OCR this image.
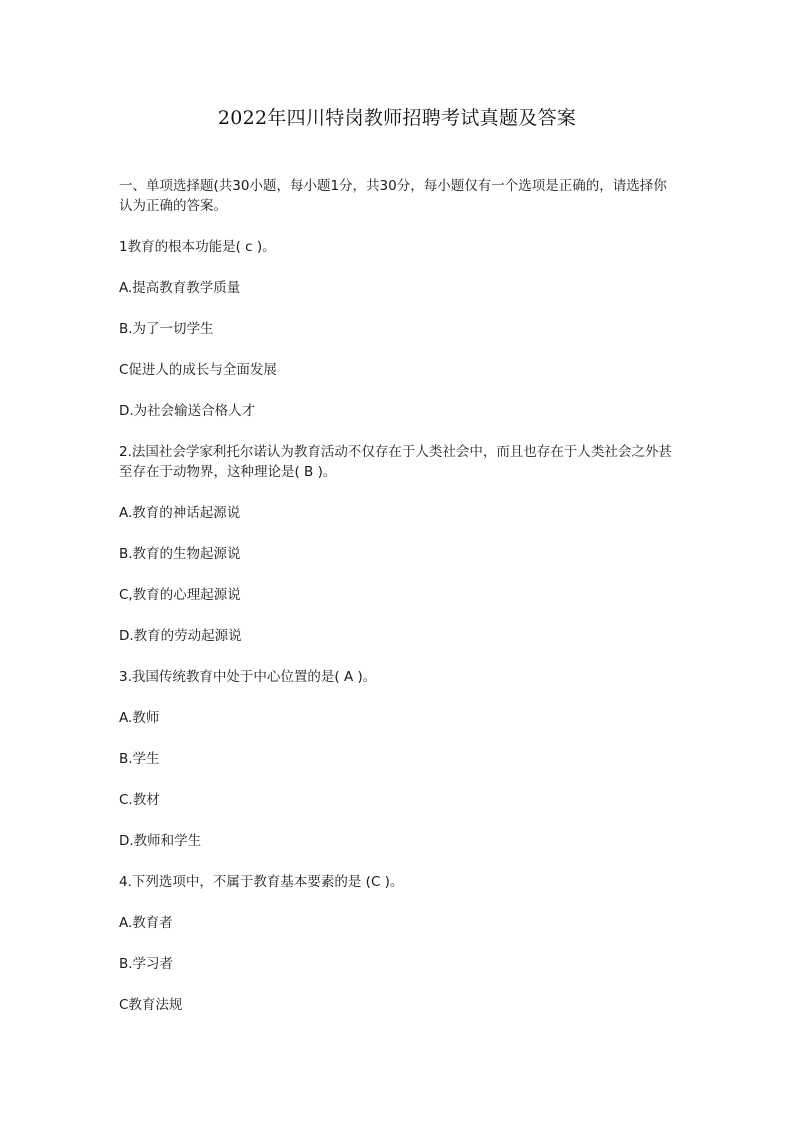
2022年四川特岗教师招聘考试真题及答案

一、单项选择题(共30小题，每小题1分，共30分，每小题仅有一个选项是正确的，请选择你认为正确的答案。

1教育的根本功能是( c )。
A.提高教育教学质量
B.为了一切学生
C促进人的成长与全面发展
D.为社会输送合格人才

2.法国社会学家利托尔诺认为教育活动不仅存在于人类社会中，而且也存在于人类社会之外甚至存在于动物界，这种理论是( B )。

A.教育的神话起源说
B.教育的生物起源说
C,教育的心理起源说
D.教育的劳动起源说
3.我国传统教育中处于中心位置的是( A )。
A.教师
B.学生
C.教材
D.教师和学生
4.下列选项中，不属于教育基本要素的是 (C )。
A.教育者
B.学习者
C教育法规
